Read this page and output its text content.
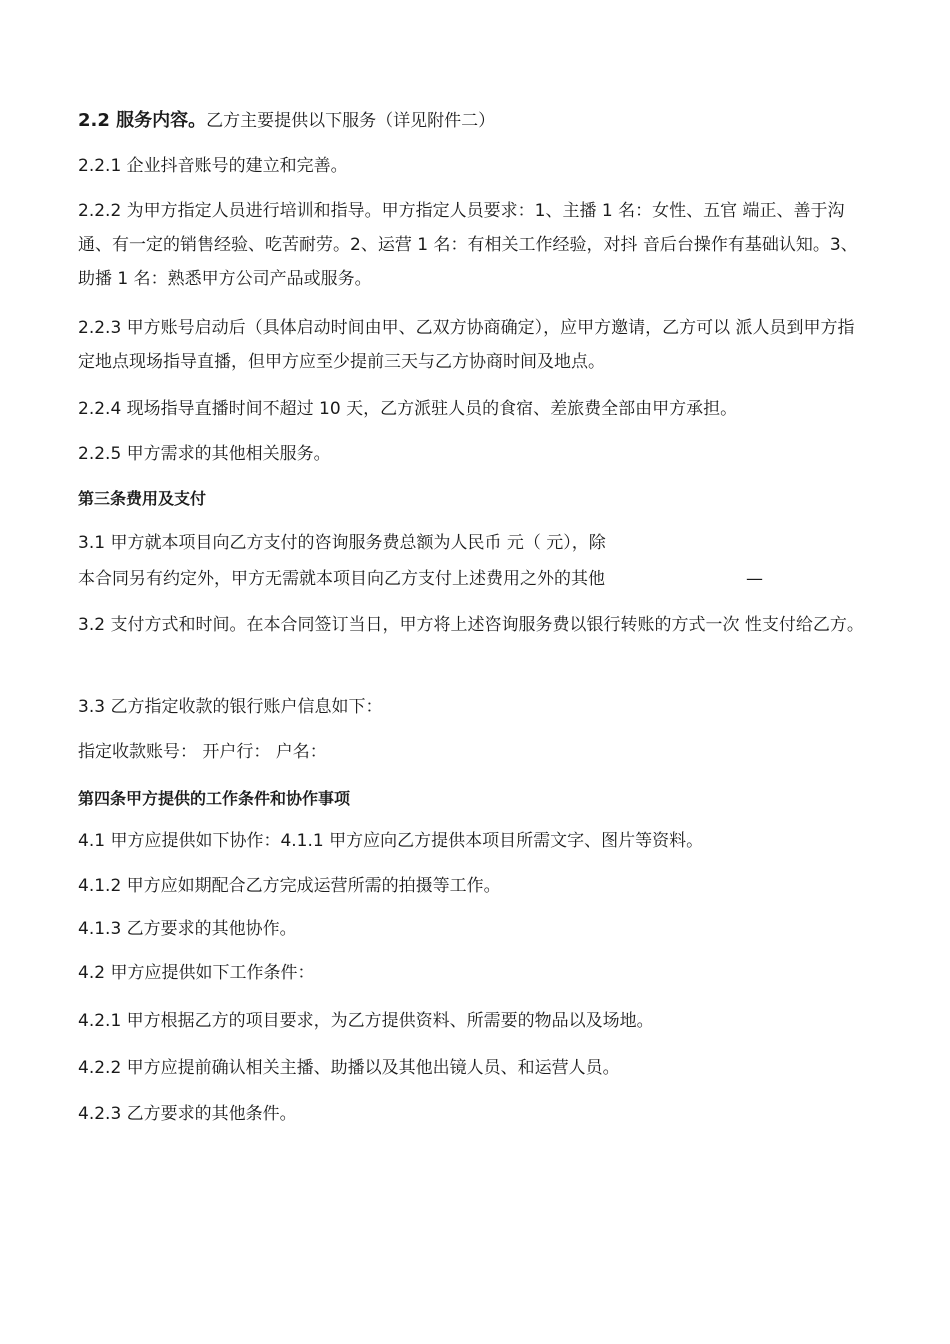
2.2 服务内容。乙方主要提供以下服务（详见附件二）

2.2.1 企业抖音账号的建立和完善。

2.2.2 为甲方指定人员进行培训和指导。甲方指定人员要求：1、主播 1 名：女性、五官 端正、善于沟通、有一定的销售经验、吃苦耐劳。2、运营 1 名：有相关工作经验，对抖 音后台操作有基础认知。3、助播 1 名：熟悉甲方公司产品或服务。

2.2.3 甲方账号启动后（具体启动时间由甲、乙双方协商确定），应甲方邀请，乙方可以 派人员到甲方指定地点现场指导直播，但甲方应至少提前三天与乙方协商时间及地点。

2.2.4 现场指导直播时间不超过 10 天，乙方派驻人员的食宿、差旅费全部由甲方承担。

2.2.5 甲方需求的其他相关服务。

第三条费用及支付

3.1 甲方就本项目向乙方支付的咨询服务费总额为人民币 元（ 元），除

本合同另有约定外，甲方无需就本项目向乙方支付上述费用之外的其他	—

3.2 支付方式和时间。在本合同签订当日，甲方将上述咨询服务费以银行转账的方式一次 性支付给乙方。

3.3 乙方指定收款的银行账户信息如下：

指定收款账号： 开户行： 户名：

第四条甲方提供的工作条件和协作事项

4.1 甲方应提供如下协作：4.1.1 甲方应向乙方提供本项目所需文字、图片等资料。

4.1.2 甲方应如期配合乙方完成运营所需的拍摄等工作。

4.1.3 乙方要求的其他协作。

4.2 甲方应提供如下工作条件：

4.2.1 甲方根据乙方的项目要求，为乙方提供资料、所需要的物品以及场地。

4.2.2 甲方应提前确认相关主播、助播以及其他出镜人员、和运营人员。

4.2.3 乙方要求的其他条件。
